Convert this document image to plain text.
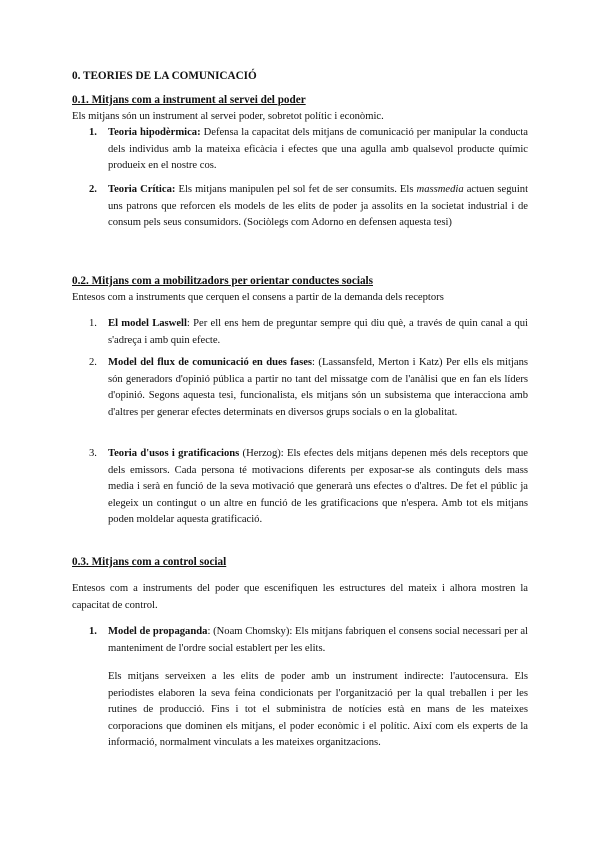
0. TEORIES DE LA COMUNICACIÓ
0.1. Mitjans com a instrument al servei del poder
Els mitjans són un instrument al servei poder, sobretot polític i econòmic.
1. Teoria hipodèrmica: Defensa la capacitat dels mitjans de comunicació per manipular la conducta dels individus amb la mateixa eficàcia i efectes que una agulla amb qualsevol producte químic produeix en el nostre cos.
2. Teoria Crítica: Els mitjans manipulen pel sol fet de ser consumits. Els massmedia actuen seguint uns patrons que reforcen els models de les elits de poder ja assolits en la societat industrial i de consum pels seus consumidors. (Sociòlegs com Adorno en defensen aquesta tesi)
0.2. Mitjans com a mobilitzadors per orientar conductes socials
Entesos com a instruments que cerquen el consens a partir de la demanda dels receptors
1. El model Laswell: Per ell ens hem de preguntar sempre qui diu què, a través de quin canal a qui s'adreça i amb quin efecte.
2. Model del flux de comunicació en dues fases: (Lassansfeld, Merton i Katz) Per ells els mitjans són generadors d'opinió pública a partir no tant del missatge com de l'anàlisi que en fan els líders d'opinió. Segons aquesta tesi, funcionalista, els mitjans són un subsistema que interacciona amb d'altres per generar efectes determinats en diversos grups socials o en la globalitat.
3. Teoria d'usos i gratificacions (Herzog): Els efectes dels mitjans depenen més dels receptors que dels emissors. Cada persona té motivacions diferents per exposar-se als continguts dels mass media i serà en funció de la seva motivació que generarà uns efectes o d'altres. De fet el públic ja elegeix un contingut o un altre en funció de les gratificacions que n'espera. Amb tot els mitjans poden moldelar aquesta gratificació.
0.3. Mitjans com a control social
Entesos com a instruments del poder que escenifiquen les estructures del mateix i alhora mostren la capacitat de control.
1. Model de propaganda: (Noam Chomsky): Els mitjans fabriquen el consens social necessari per al manteniment de l'ordre social establert per les elits.
Els mitjans serveixen a les elits de poder amb un instrument indirecte: l'autocensura. Els periodistes elaboren la seva feina condicionats per l'organització per la qual treballen i per les rutines de producció. Fins i tot el subministra de notícies està en mans de les mateixes corporacions que dominen els mitjans, el poder econòmic i el polític. Així com els experts de la informació, normalment vinculats a les mateixes organitzacions.
